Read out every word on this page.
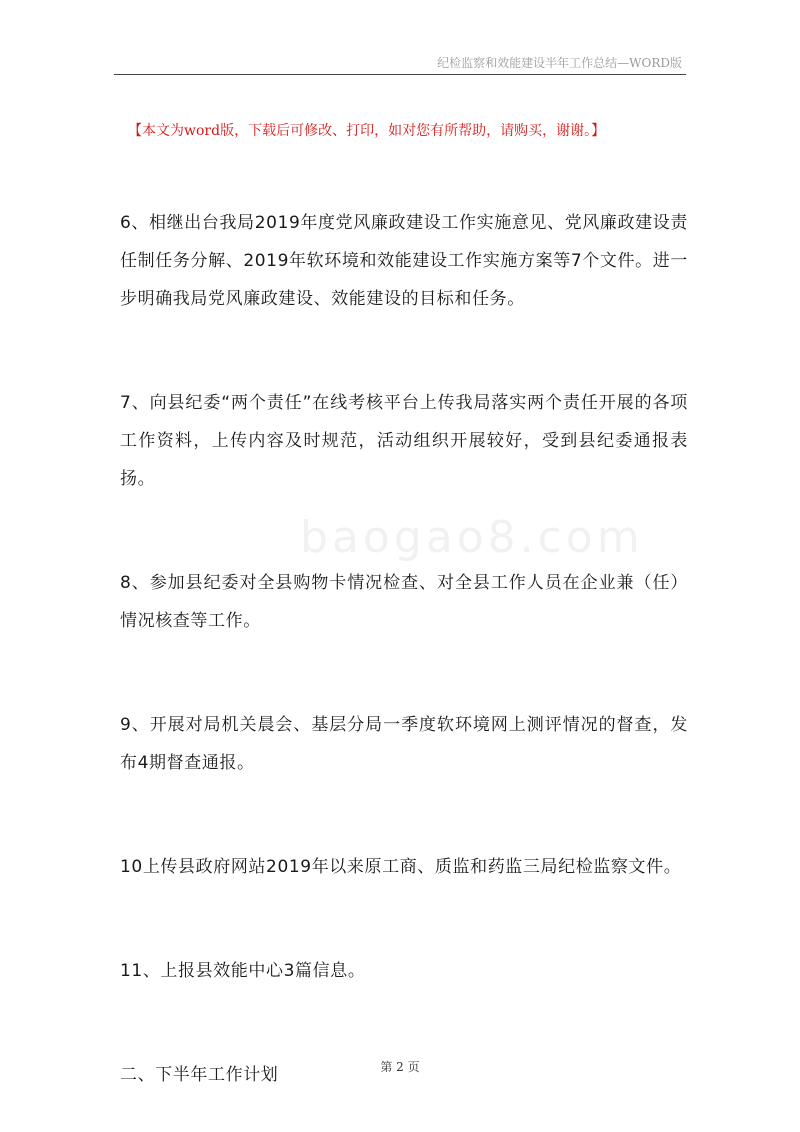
纪检监察和效能建设半年工作总结—WORD版
【本文为word版，下载后可修改、打印，如对您有所帮助，请购买，谢谢。】
baogao8.com

6、相继出台我局2019年度党风廉政建设工作实施意见、党风廉政建设责任制任务分解、2019年软环境和效能建设工作实施方案等7个文件。进一步明确我局党风廉政建设、效能建设的目标和任务。

7、向县纪委“两个责任”在线考核平台上传我局落实两个责任开展的各项工作资料，上传内容及时规范，活动组织开展较好，受到县纪委通报表扬。

8、参加县纪委对全县购物卡情况检查、对全县工作人员在企业兼（任）情况核查等工作。

9、开展对局机关晨会、基层分局一季度软环境网上测评情况的督查，发布4期督查通报。

10上传县政府网站2019年以来原工商、质监和药监三局纪检监察文件。

11、上报县效能中心3篇信息。

二、下半年工作计划	第 2 页
